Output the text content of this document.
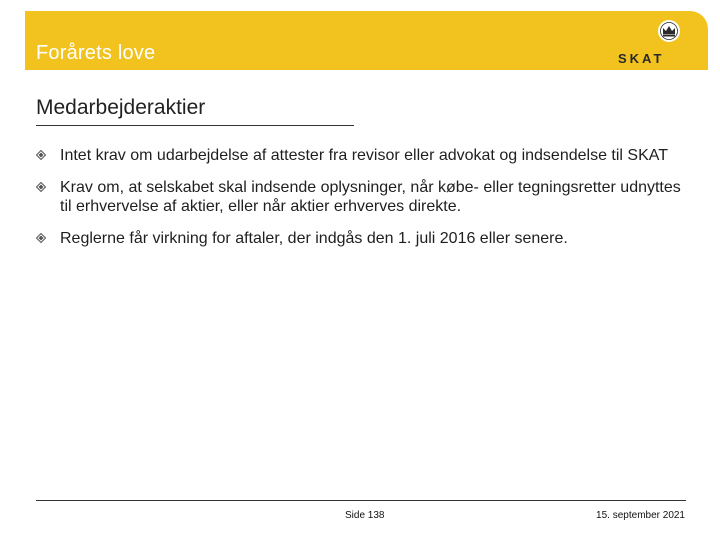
Forårets love	SKAT
Medarbejderaktier
Intet krav om udarbejdelse af attester fra revisor eller advokat og indsendelse til SKAT
Krav om, at selskabet skal indsende oplysninger, når købe- eller tegningsretter udnyttes til erhvervelse af aktier, eller når aktier erhverves direkte.
Reglerne får virkning for aftaler, der indgås den 1. juli 2016 eller senere.
Side 138	15. september 2021
